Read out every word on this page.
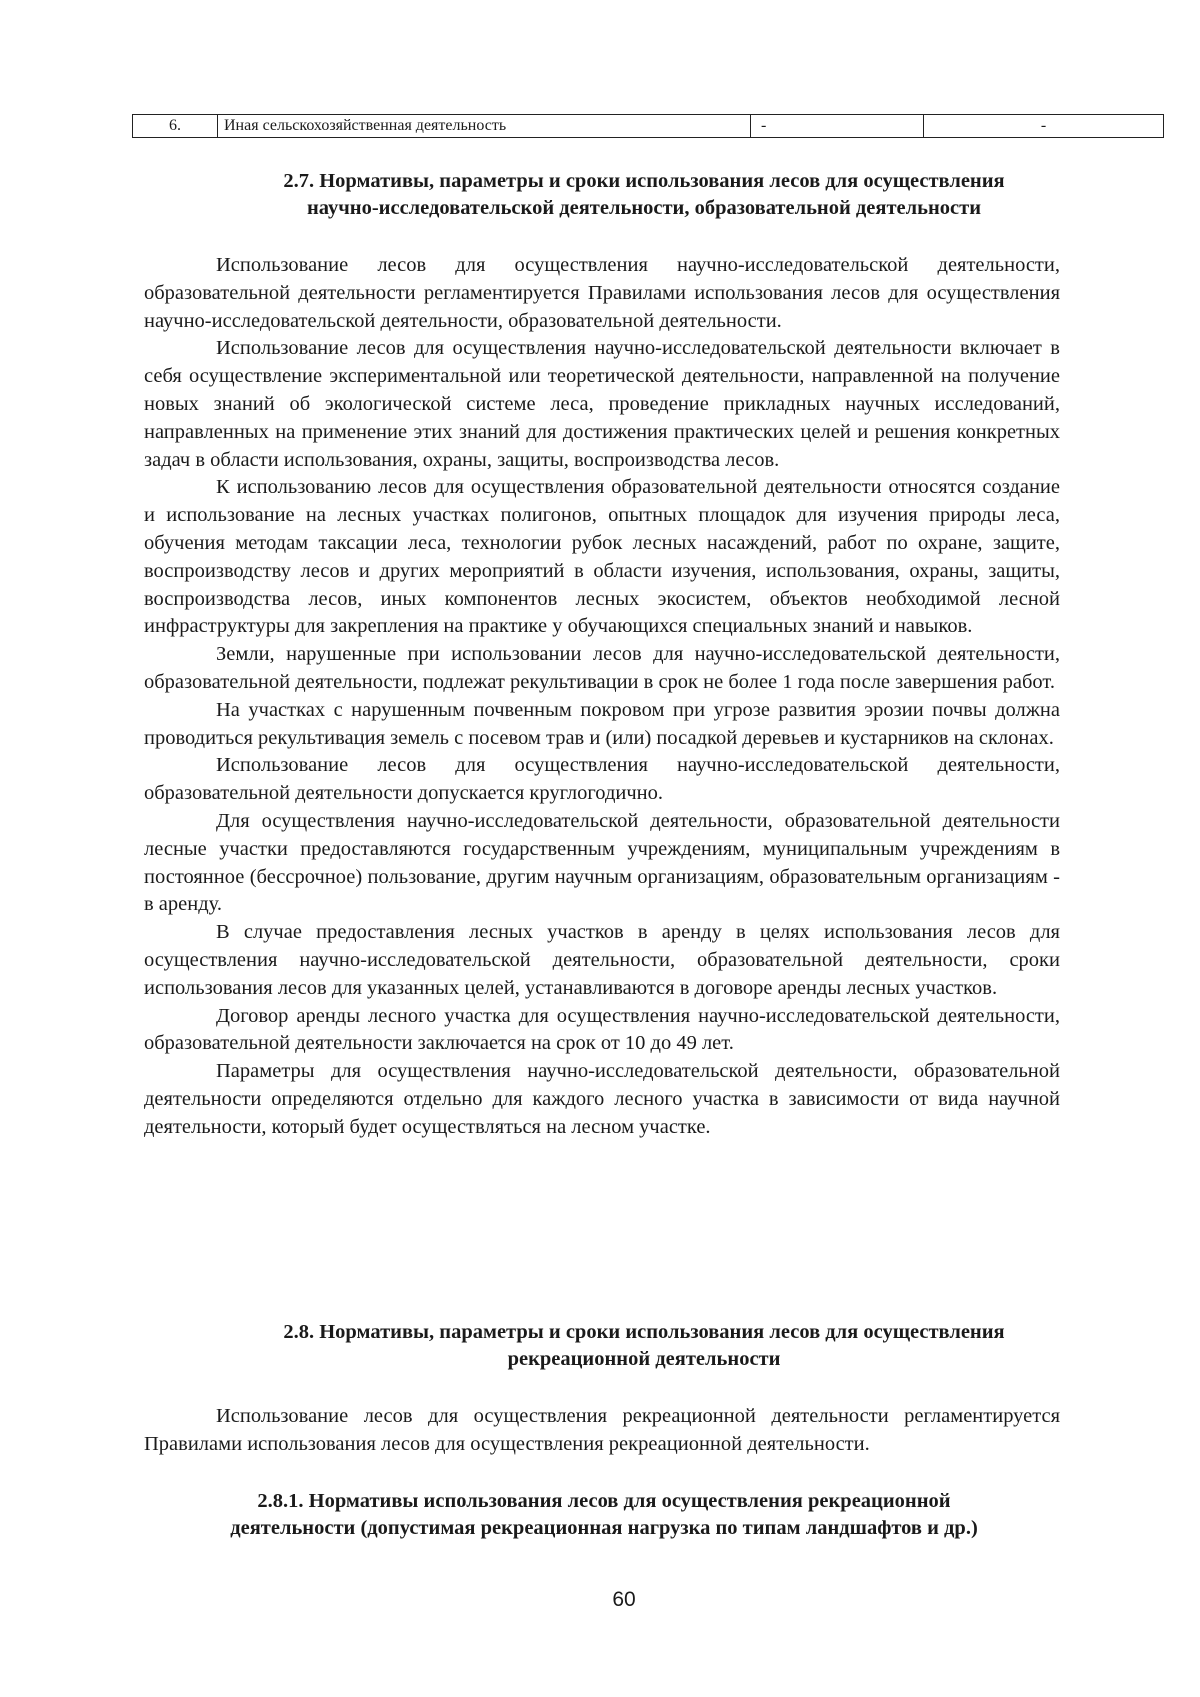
6.	Иная сельскохозяйственная деятельность	-	-
2.7. Нормативы, параметры и сроки использования лесов для осуществления
научно-исследовательской деятельности, образовательной деятельности

Использование лесов для осуществления научно-исследовательской деятельности, образовательной деятельности регламентируется Правилами использования лесов для осуществления научно-исследовательской деятельности, образовательной деятельности.

Использование лесов для осуществления научно-исследовательской деятельности включает в себя осуществление экспериментальной или теоретической деятельности, направленной на получение новых знаний об экологической системе леса, проведение прикладных научных исследований, направленных на применение этих знаний для достижения практических целей и решения конкретных задач в области использования, охраны, защиты, воспроизводства лесов.

К использованию лесов для осуществления образовательной деятельности относятся создание и использование на лесных участках полигонов, опытных площадок для изучения природы леса, обучения методам таксации леса, технологии рубок лесных насаждений, работ по охране, защите, воспроизводству лесов и других мероприятий в области изучения, использования, охраны, защиты, воспроизводства лесов, иных компонентов лесных экосистем, объектов необходимой лесной инфраструктуры для закрепления на практике у обучающихся специальных знаний и навыков.

Земли, нарушенные при использовании лесов для научно-исследовательской деятельности, образовательной деятельности, подлежат рекультивации в срок не более 1 года после завершения работ.

На участках с нарушенным почвенным покровом при угрозе развития эрозии почвы должна проводиться рекультивация земель с посевом трав и (или) посадкой деревьев и кустарников на склонах.

Использование лесов для осуществления научно-исследовательской деятельности, образовательной деятельности допускается круглогодично.

Для осуществления научно-исследовательской деятельности, образовательной деятельности лесные участки предоставляются государственным учреждениям, муниципальным учреждениям в постоянное (бессрочное) пользование, другим научным организациям, образовательным организациям - в аренду.

В случае предоставления лесных участков в аренду в целях использования лесов для осуществления научно-исследовательской деятельности, образовательной деятельности, сроки использования лесов для указанных целей, устанавливаются в договоре аренды лесных участков.

Договор аренды лесного участка для осуществления научно-исследовательской деятельности, образовательной деятельности заключается на срок от 10 до 49 лет.

Параметры для осуществления научно-исследовательской деятельности, образовательной деятельности определяются отдельно для каждого лесного участка в зависимости от вида научной деятельности, который будет осуществляться на лесном участке.

2.8. Нормативы, параметры и сроки использования лесов для осуществления
рекреационной деятельности

Использование лесов для осуществления рекреационной деятельности регламентируется Правилами использования лесов для осуществления рекреационной деятельности.

2.8.1. Нормативы использования лесов для осуществления рекреационной
деятельности (допустимая рекреационная нагрузка по типам ландшафтов и др.)
60
